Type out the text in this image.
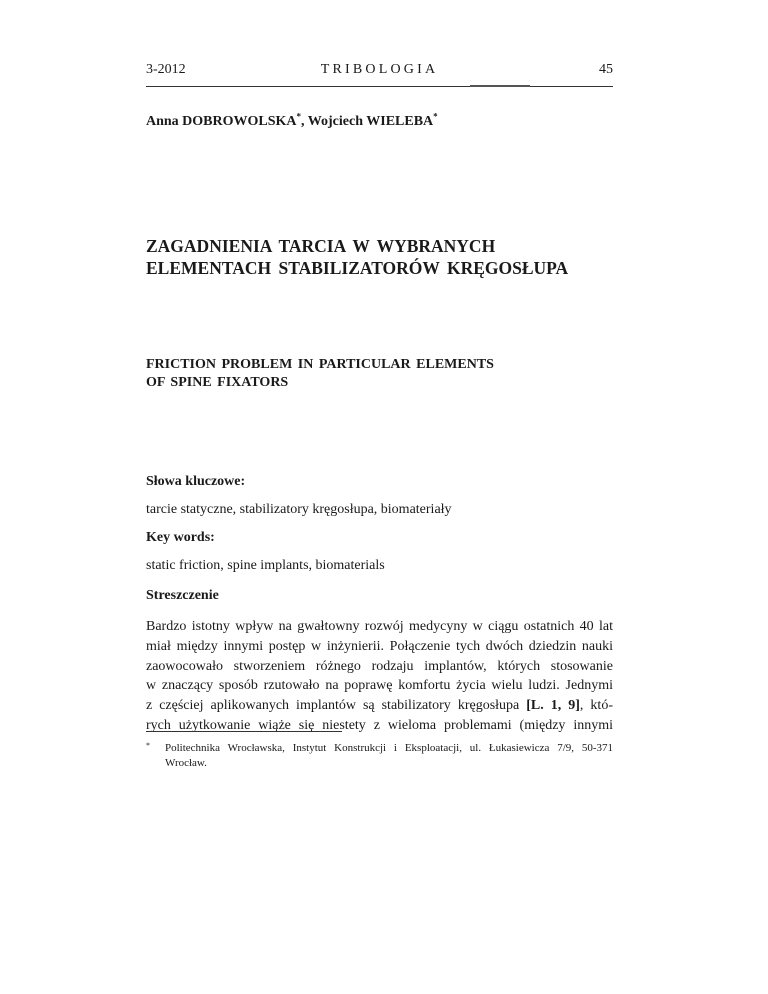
3-2012	TRIBOLOGIA	45
Anna DOBROWOLSKA*, Wojciech WIELEBA*
ZAGADNIENIA TARCIA W WYBRANYCH
ELEMENTACH STABILIZATORÓW KRĘGOSŁUPA
FRICTION PROBLEM IN PARTICULAR ELEMENTS
OF SPINE FIXATORS
Słowa kluczowe:
tarcie statyczne, stabilizatory kręgosłupa, biomateriały
Key words:
static friction, spine implants, biomaterials
Streszczenie
Bardzo istotny wpływ na gwałtowny rozwój medycyny w ciągu ostatnich 40 lat
miał między innymi postęp w inżynierii. Połączenie tych dwóch dziedzin nauki
zaowocowało stworzeniem różnego rodzaju implantów, których stosowanie
w znaczący sposób rzutowało na poprawę komfortu życia wielu ludzi. Jednymi
z częściej aplikowanych implantów są stabilizatory kręgosłupa [L. 1, 9], któ-
rych użytkowanie wiąże się niestety z wieloma problemami (między innymi
* Politechnika Wrocławska, Instytut Konstrukcji i Eksploatacji, ul. Łukasiewicza 7/9, 50-371
Wrocław.
